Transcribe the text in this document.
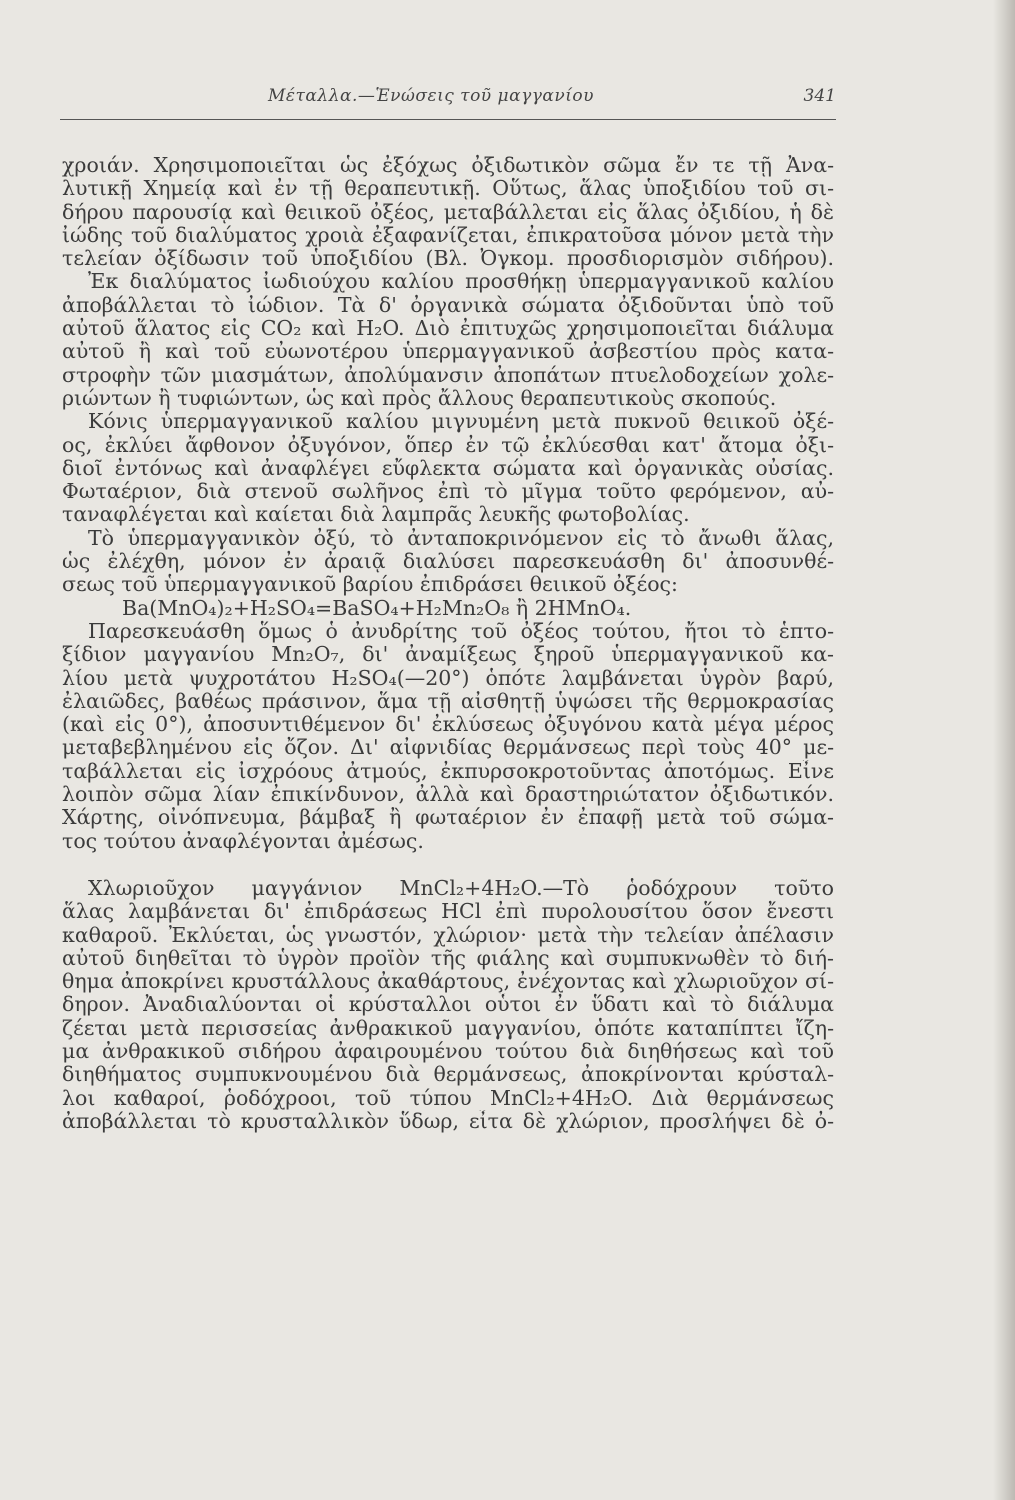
Μέταλλα.—Ἑνώσεις τοῦ μαγγανίου	341
χροιάν. Χρησιμοποιεῖται ὡς ἐξόχως ὀξιδωτικὸν σῶμα ἔν τε τῇ Ἀνα-
λυτικῇ Χημείᾳ καὶ ἐν τῇ θεραπευτικῇ. Οὕτως, ἅλας ὑποξιδίου τοῦ σι-
δήρου παρουσίᾳ καὶ θειικοῦ ὀξέος, μεταβάλλεται εἰς ἅλας ὀξιδίου, ἡ δὲ
ἰώδης τοῦ διαλύματος χροιὰ ἐξαφανίζεται, ἐπικρατοῦσα μόνον μετὰ τὴν
τελείαν ὀξίδωσιν τοῦ ὑποξιδίου (Βλ. Ὀγκομ. προσδιορισμὸν σιδήρου).
Ἐκ διαλύματος ἰωδιούχου καλίου προσθήκῃ ὑπερμαγγανικοῦ καλίου
ἀποβάλλεται τὸ ἰώδιον. Τὰ δ' ὀργανικὰ σώματα ὀξιδοῦνται ὑπὸ τοῦ
αὐτοῦ ἅλατος εἰς CO₂ καὶ H₂O. Διὸ ἐπιτυχῶς χρησιμοποιεῖται διάλυμα
αὐτοῦ ἢ καὶ τοῦ εὐωνοτέρου ὑπερμαγγανικοῦ ἀσβεστίου πρὸς κατα-
στροφὴν τῶν μιασμάτων, ἀπολύμανσιν ἀποπάτων πτυελοδοχείων χολε-
ριώντων ἢ τυφιώντων, ὡς καὶ πρὸς ἄλλους θεραπευτικοὺς σκοπούς.
Κόνις ὑπερμαγγανικοῦ καλίου μιγνυμένη μετὰ πυκνοῦ θειικοῦ ὀξέ-
ος, ἐκλύει ἄφθονον ὀξυγόνον, ὅπερ ἐν τῷ ἐκλύεσθαι κατ' ἄτομα ὀξι-
διοῖ ἐντόνως καὶ ἀναφλέγει εὔφλεκτα σώματα καὶ ὀργανικὰς οὐσίας.
Φωταέριον, διὰ στενοῦ σωλῆνος ἐπὶ τὸ μῖγμα τοῦτο φερόμενον, αὐ-
ταναφλέγεται καὶ καίεται διὰ λαμπρᾶς λευκῆς φωτοβολίας.
Τὸ ὑπερμαγγανικὸν ὀξύ, τὸ ἀνταποκρινόμενον εἰς τὸ ἄνωθι ἅλας,
ὡς ἐλέχθη, μόνον ἐν ἀραιᾷ διαλύσει παρεσκευάσθη δι' ἀποσυνθέ-
σεως τοῦ ὑπερμαγγανικοῦ βαρίου ἐπιδράσει θειικοῦ ὀξέος:
Ba(MnO₄)₂+H₂SO₄=BaSO₄+H₂Mn₂O₈ ἢ 2HMnO₄.
Παρεσκευάσθη ὅμως ὁ ἀνυδρίτης τοῦ ὀξέος τούτου, ἤτοι τὸ ἑπτο-
ξίδιον μαγγανίου Mn₂O₇, δι' ἀναμίξεως ξηροῦ ὑπερμαγγανικοῦ κα-
λίου μετὰ ψυχροτάτου H₂SO₄(—20°) ὁπότε λαμβάνεται ὑγρὸν βαρύ,
ἐλαιῶδες, βαθέως πράσινον, ἅμα τῇ αἰσθητῇ ὑψώσει τῆς θερμοκρασίας
(καὶ εἰς 0°), ἀποσυντιθέμενον δι' ἐκλύσεως ὀξυγόνου κατὰ μέγα μέρος
μεταβεβλημένου εἰς ὄζον. Δι' αἰφνιδίας θερμάνσεως περὶ τοὺς 40° με-
ταβάλλεται εἰς ἰσχρόους ἀτμούς, ἐκπυρσοκροτοῦντας ἀποτόμως. Εἶνε
λοιπὸν σῶμα λίαν ἐπικίνδυνον, ἀλλὰ καὶ δραστηριώτατον ὀξιδωτικόν.
Χάρτης, οἰνόπνευμα, βάμβαξ ἢ φωταέριον ἐν ἐπαφῇ μετὰ τοῦ σώμα-
τος τούτου ἀναφλέγονται ἀμέσως.
Χλωριοῦχον μαγγάνιον MnCl₂+4H₂O.—Τὸ ῥοδόχρουν τοῦτο
ἅλας λαμβάνεται δι' ἐπιδράσεως HCl ἐπὶ πυρολουσίτου ὅσον ἔνεστι
καθαροῦ. Ἐκλύεται, ὡς γνωστόν, χλώριον· μετὰ τὴν τελείαν ἀπέλασιν
αὐτοῦ διηθεῖται τὸ ὑγρὸν προϊὸν τῆς φιάλης καὶ συμπυκνωθὲν τὸ διή-
θημα ἀποκρίνει κρυστάλλους ἀκαθάρτους, ἐνέχοντας καὶ χλωριοῦχον σί-
δηρον. Ἀναδιαλύονται οἱ κρύσταλλοι οὗτοι ἐν ὕδατι καὶ τὸ διάλυμα
ζέεται μετὰ περισσείας ἀνθρακικοῦ μαγγανίου, ὁπότε καταπίπτει ἴζη-
μα ἀνθρακικοῦ σιδήρου ἀφαιρουμένου τούτου διὰ διηθήσεως καὶ τοῦ
διηθήματος συμπυκνουμένου διὰ θερμάνσεως, ἀποκρίνονται κρύσταλ-
λοι καθαροί, ῥοδόχροοι, τοῦ τύπου MnCl₂+4H₂O. Διὰ θερμάνσεως
ἀποβάλλεται τὸ κρυσταλλικὸν ὕδωρ, εἶτα δὲ χλώριον, προσλήψει δὲ ὀ-
